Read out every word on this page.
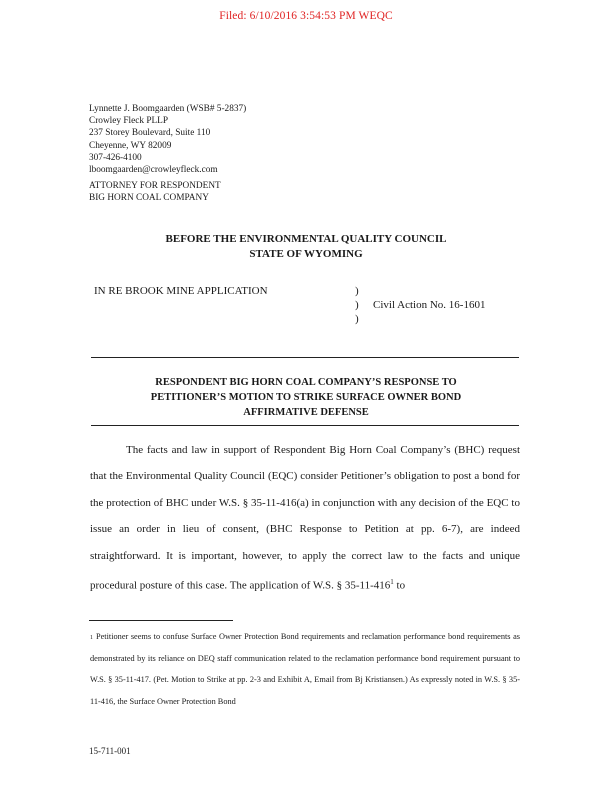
Filed: 6/10/2016 3:54:53 PM WEQC
Lynnette J. Boomgaarden (WSB# 5-2837)
Crowley Fleck PLLP
237 Storey Boulevard, Suite 110
Cheyenne, WY 82009
307-426-4100
lboomgaarden@crowleyfleck.com
ATTORNEY FOR RESPONDENT
BIG HORN COAL COMPANY
BEFORE THE ENVIRONMENTAL QUALITY COUNCIL
STATE OF WYOMING
IN RE BROOK MINE APPLICATION	)
)
)
Civil Action No. 16-1601
RESPONDENT BIG HORN COAL COMPANY’S RESPONSE TO
PETITIONER’S MOTION TO STRIKE SURFACE OWNER BOND
AFFIRMATIVE DEFENSE

The facts and law in support of Respondent Big Horn Coal Company’s (BHC) request that the Environmental Quality Council (EQC) consider Petitioner’s obligation to post a bond for the protection of BHC under W.S. § 35-11-416(a) in conjunction with any decision of the EQC to issue an order in lieu of consent, (BHC Response to Petition at pp. 6-7), are indeed straightforward. It is important, however, to apply the correct law to the facts and unique procedural posture of this case. The application of W.S. § $35-11-416^1$ to

$^1$ Petitioner seems to confuse Surface Owner Protection Bond requirements and reclamation performance bond requirements as demonstrated by its reliance on DEQ staff communication related to the reclamation performance bond requirement pursuant to W.S. § 35-11-417. (Pet. Motion to Strike at pp. 2-3 and Exhibit A, Email from Bj Kristiansen.) As expressly noted in W.S. § 35-11-416, the Surface Owner Protection Bond

15-711-001
